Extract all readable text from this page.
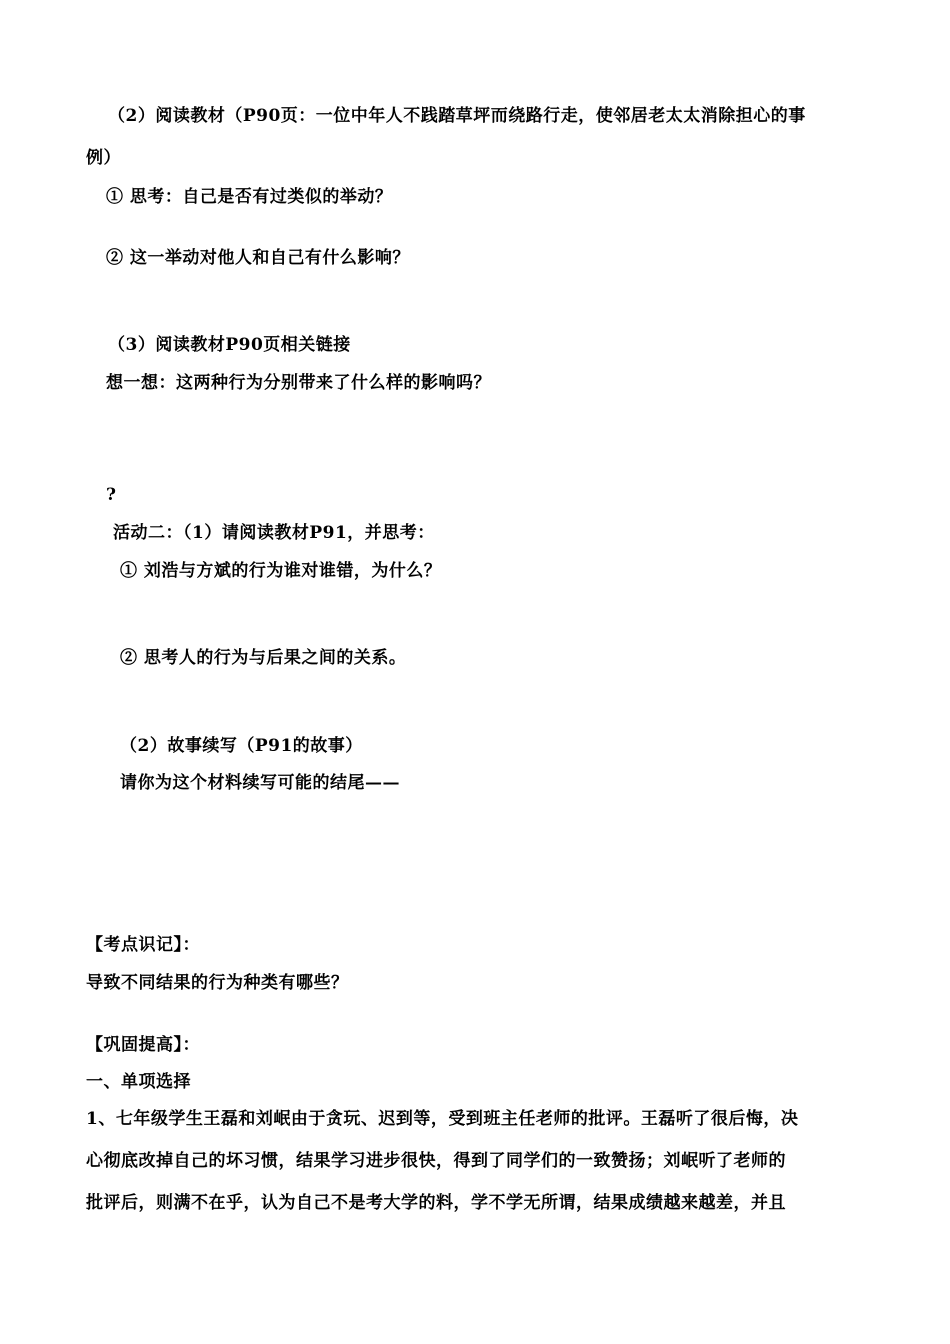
（2）阅读教材（P90页：一位中年人不践踏草坪而绕路行走，使邻居老太太消除担心的事
例）
① 思考：自己是否有过类似的举动？
② 这一举动对他人和自己有什么影响？
（3）阅读教材P90页相关链接
想一想：这两种行为分别带来了什么样的影响吗？
?
活动二：（1）请阅读教材P91，并思考：
① 刘浩与方斌的行为谁对谁错，为什么？
② 思考人的行为与后果之间的关系。
（2）故事续写（P91的故事）
请你为这个材料续写可能的结尾——
【考点识记】：
导致不同结果的行为种类有哪些？
【巩固提高】：
一、单项选择
1、七年级学生王磊和刘岷由于贪玩、迟到等，受到班主任老师的批评。王磊听了很后悔，决
心彻底改掉自己的坏习惯，结果学习进步很快，得到了同学们的一致赞扬；刘岷听了老师的
批评后，则满不在乎，认为自己不是考大学的料，学不学无所谓，结果成绩越来越差，并且
